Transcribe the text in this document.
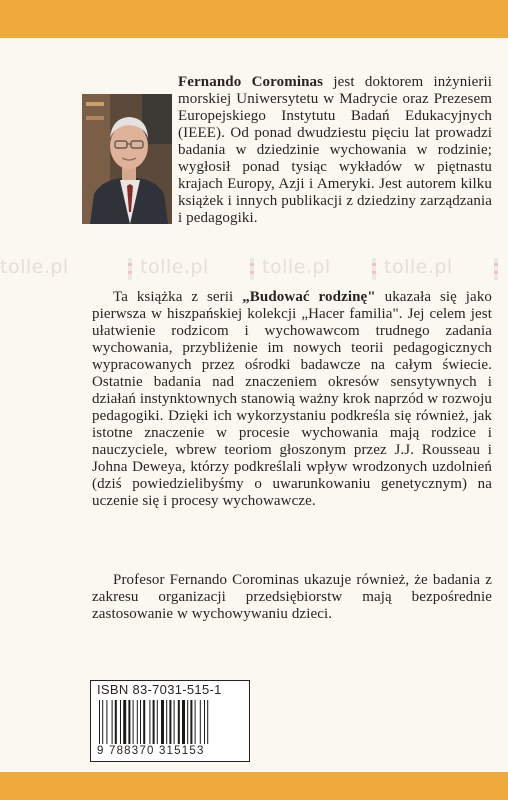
Fernando Corominas jest doktorem inżynierii morskiej Uniwersytetu w Madrycie oraz Prezesem Europejskiego Instytutu Badań Edukacyjnych (IEEE). Od ponad dwudziestu pięciu lat prowadzi badania w dziedzinie wychowania w rodzinie; wygłosił ponad tysiąc wykładów w piętnastu krajach Europy, Azji i Ameryki. Jest autorem kilku książek i innych publikacji z dziedziny zarządzania i pedagogiki.

tolle.pl	tolle.pl	tolle.pl	tolle.pl

Ta książka z serii „Budować rodzinę" ukazała się jako pierwsza w hiszpańskiej kolekcji „Hacer familia". Jej celem jest ułatwienie rodzicom i wychowawcom trudnego zadania wychowania, przybliżenie im nowych teorii pedagogicznych wypracowanych przez ośrodki badawcze na całym świecie. Ostatnie badania nad znaczeniem okresów sensytywnych i działań instynktownych stanowią ważny krok naprzód w rozwoju pedagogiki. Dzięki ich wykorzystaniu podkreśla się również, jak istotne znaczenie w procesie wychowania mają rodzice i nauczyciele, wbrew teoriom głoszonym przez J.J. Rousseau i Johna Deweya, którzy podkreślali wpływ wrodzonych uzdolnień (dziś powiedzielibyśmy o uwarunkowaniu genetycznym) na uczenie się i procesy wychowawcze.

Profesor Fernando Corominas ukazuje również, że badania z zakresu organizacji przedsiębiorstw mają bezpośrednie zastosowanie w wychowywaniu dzieci.

ISBN 83-7031-515-1
9 788370 315153
